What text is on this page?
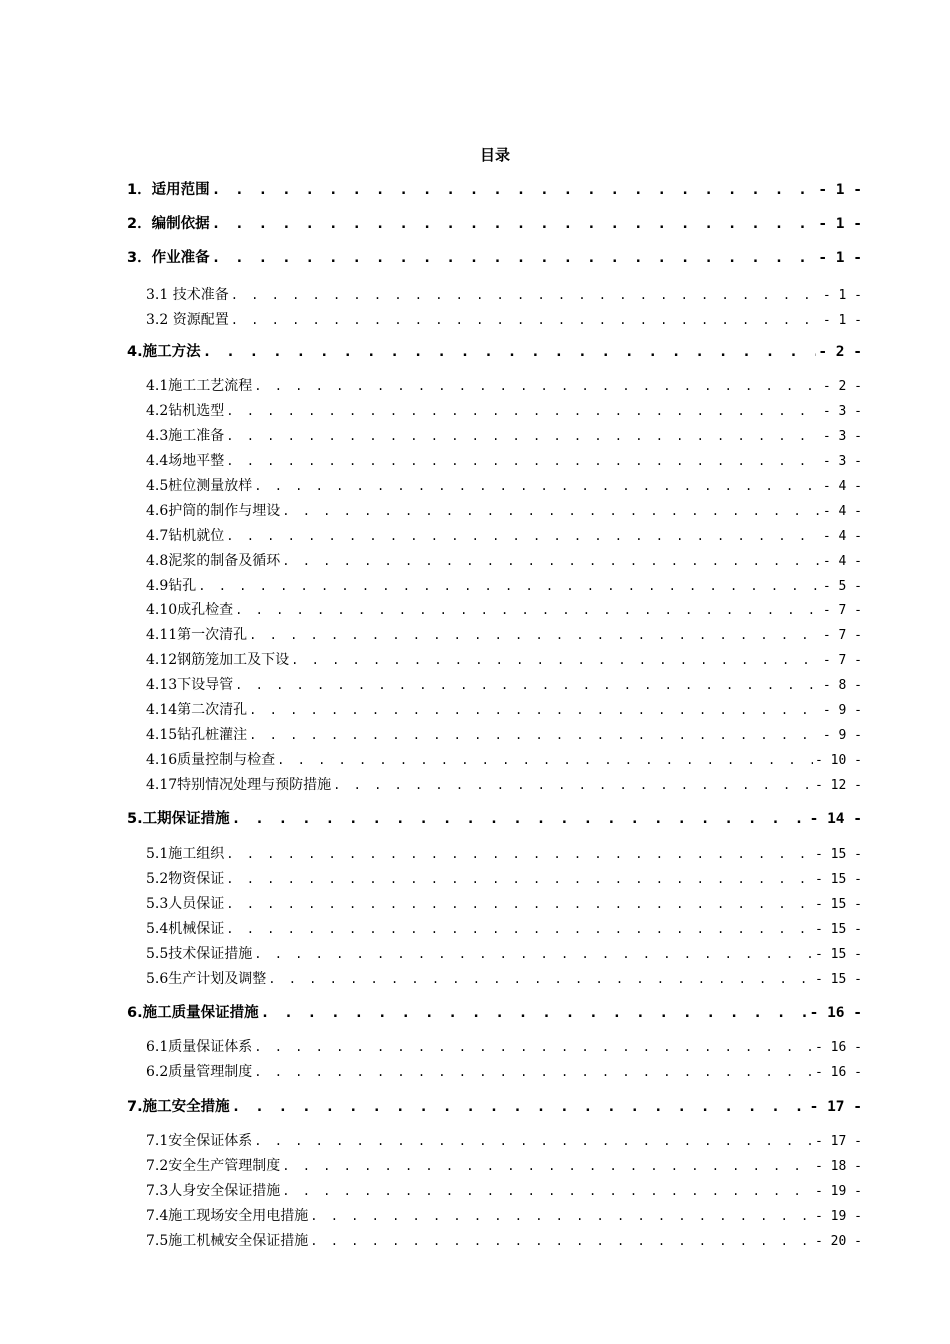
目录
1．适用范围 . . .	- 1 -
2．编制依据 . . .	- 1 -
3．作业准备 . . .	- 1 -
3.1 技术准备 . . .	- 1 -
3.2 资源配置 . . .	- 1 -
4.施工方法 . . .	- 2 -
4.1施工工艺流程 . . .	- 2 -
4.2钻机选型 . . .	- 3 -
4.3施工准备 . . .	- 3 -
4.4场地平整 . . .	- 3 -
4.5桩位测量放样 . . .	- 4 -
4.6护筒的制作与埋设 . . .	- 4 -
4.7钻机就位 . . .	- 4 -
4.8泥浆的制备及循环 . . .	- 4 -
4.9钻孔 . . .	- 5 -
4.10成孔检查 . . .	- 7 -
4.11第一次清孔 . . .	- 7 -
4.12钢筋笼加工及下设 . . .	- 7 -
4.13下设导管 . . .	- 8 -
4.14第二次清孔 . . .	- 9 -
4.15钻孔桩灌注 . . .	- 9 -
4.16质量控制与检查 . . .	- 10 -
4.17特别情况处理与预防措施 . . .	- 12 -
5.工期保证措施 . . .	- 14 -
5.1施工组织 . . .	- 15 -
5.2物资保证 . . .	- 15 -
5.3人员保证 . . .	- 15 -
5.4机械保证 . . .	- 15 -
5.5技术保证措施 . . .	- 15 -
5.6生产计划及调整 . . .	- 15 -
6.施工质量保证措施 . . .	- 16 -
6.1质量保证体系 . . .	- 16 -
6.2质量管理制度 . . .	- 16 -
7.施工安全措施 . . .	- 17 -
7.1安全保证体系 . . .	- 17 -
7.2安全生产管理制度 . . .	- 18 -
7.3人身安全保证措施 . . .	- 19 -
7.4施工现场安全用电措施 . . .	- 19 -
7.5施工机械安全保证措施 . . .	- 20 -
